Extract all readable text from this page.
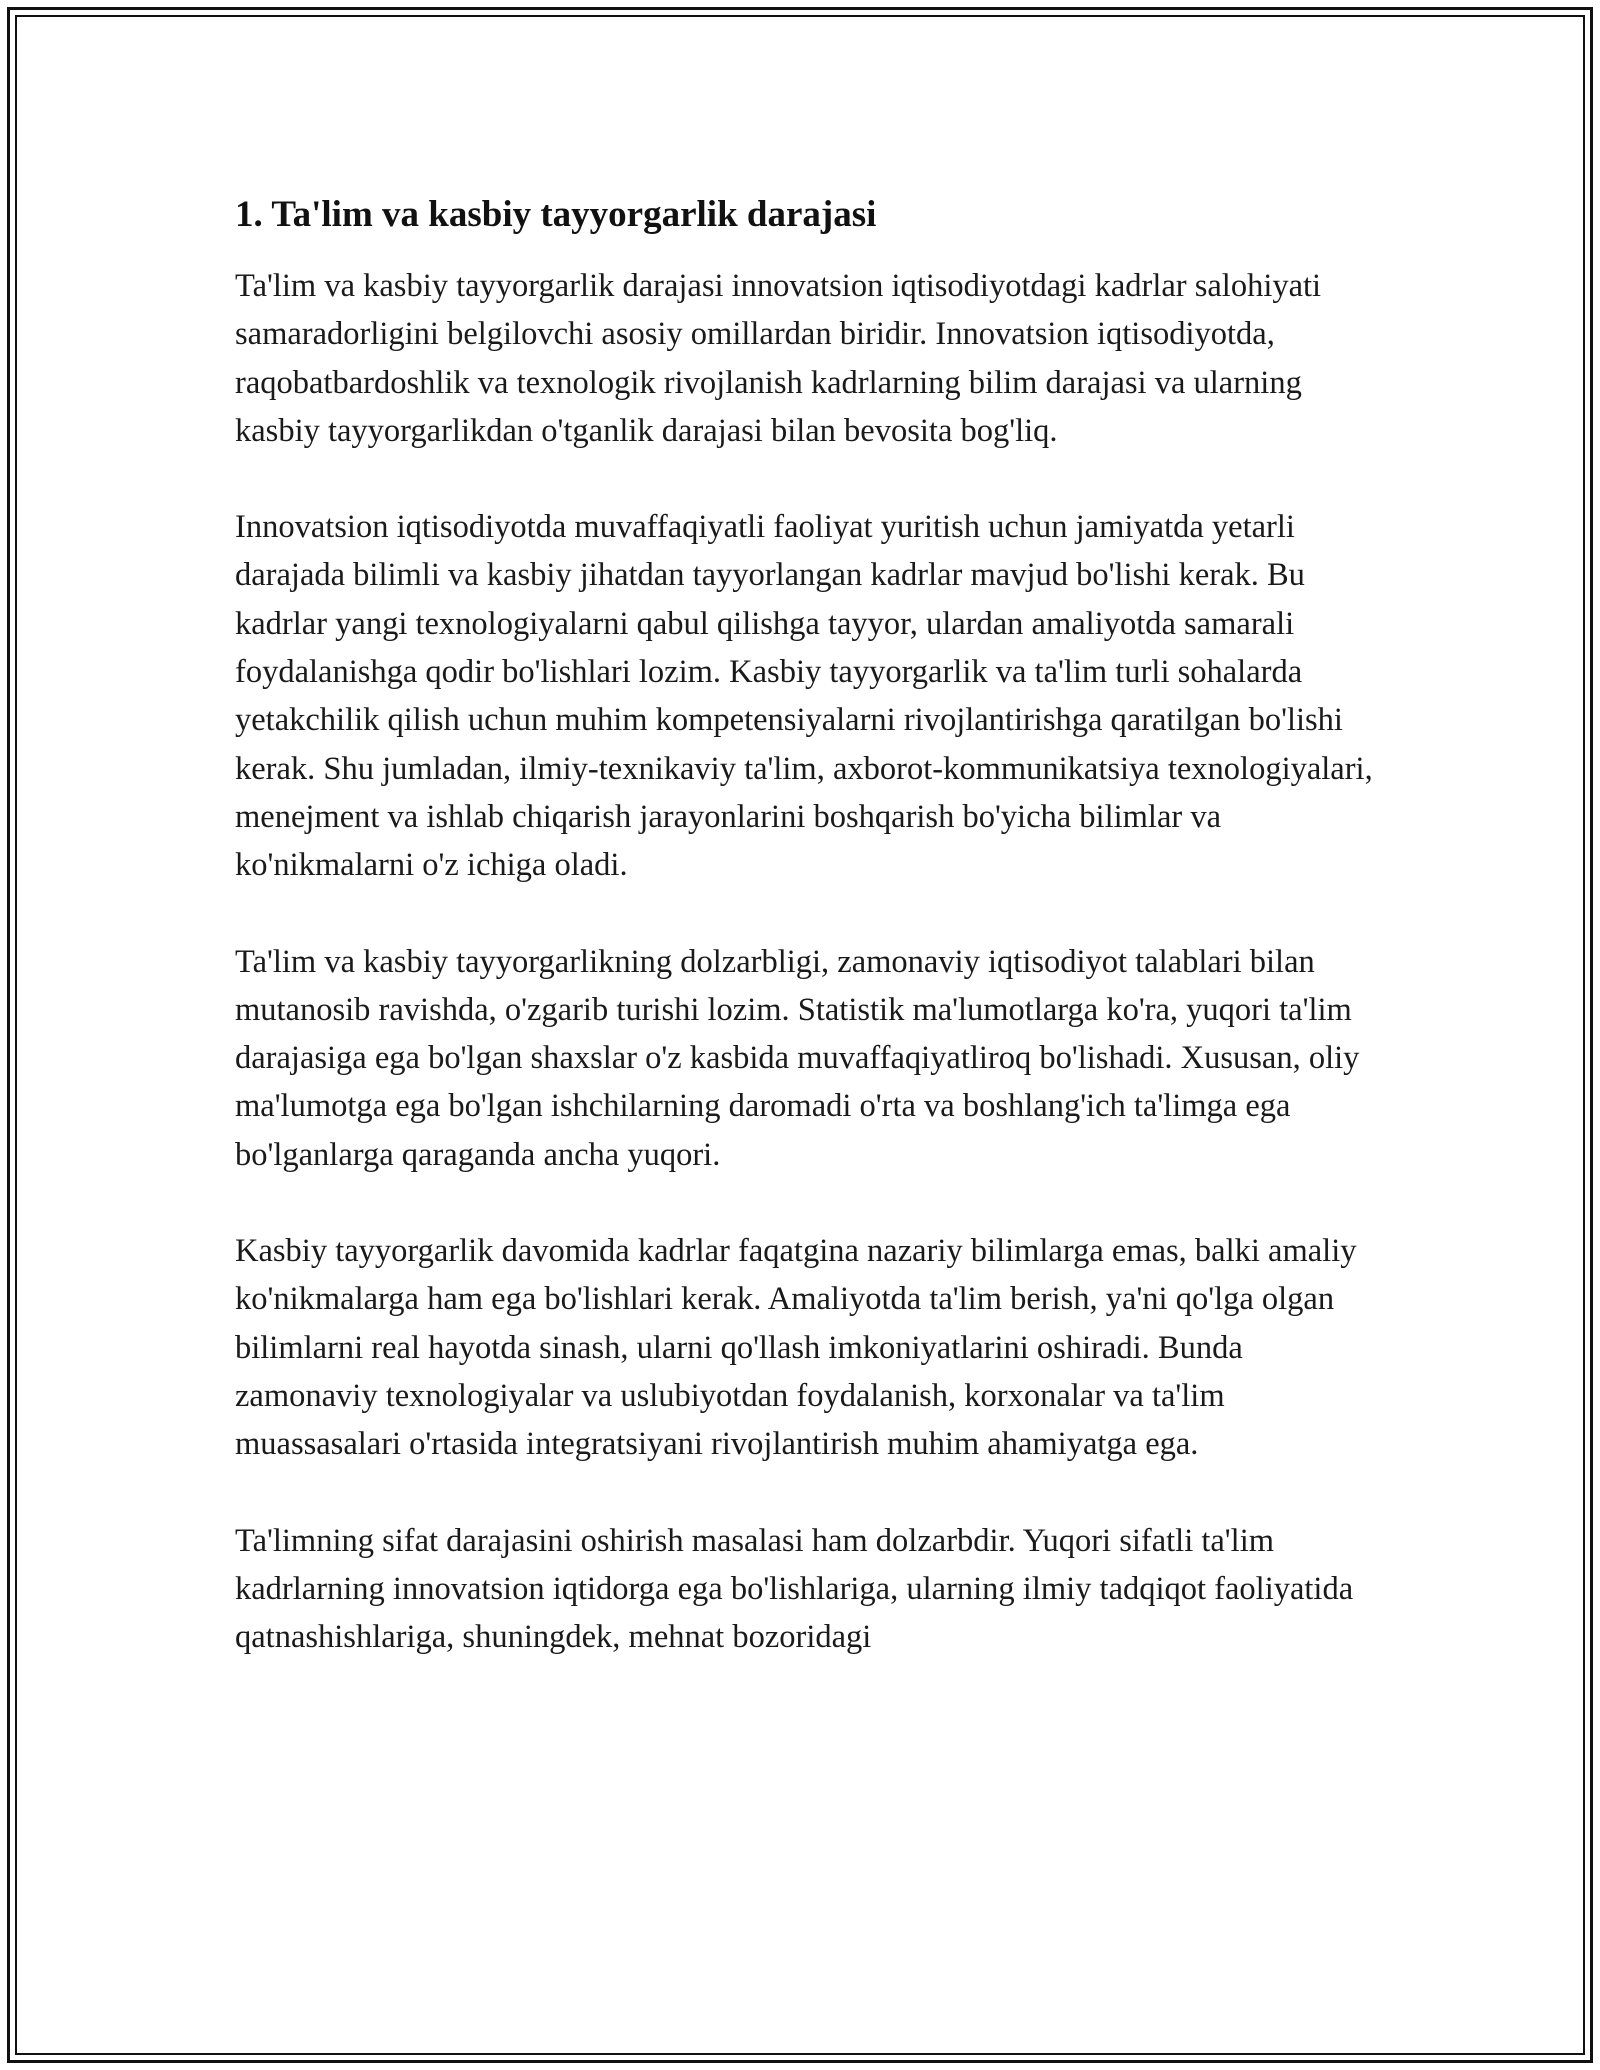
1. Ta'lim va kasbiy tayyorgarlik darajasi

Ta'lim va kasbiy tayyorgarlik darajasi innovatsion iqtisodiyotdagi kadrlar salohiyati samaradorligini belgilovchi asosiy omillardan biridir. Innovatsion iqtisodiyotda, raqobatbardoshlik va texnologik rivojlanish kadrlarning bilim darajasi va ularning kasbiy tayyorgarlikdan o'tganlik darajasi bilan bevosita bog'liq.

Innovatsion iqtisodiyotda muvaffaqiyatli faoliyat yuritish uchun jamiyatda yetarli darajada bilimli va kasbiy jihatdan tayyorlangan kadrlar mavjud bo'lishi kerak. Bu kadrlar yangi texnologiyalarni qabul qilishga tayyor, ulardan amaliyotda samarali foydalanishga qodir bo'lishlari lozim. Kasbiy tayyorgarlik va ta'lim turli sohalarda yetakchilik qilish uchun muhim kompetensiyalarni rivojlantirishga qaratilgan bo'lishi kerak. Shu jumladan, ilmiy-texnikaviy ta'lim, axborot-kommunikatsiya texnologiyalari, menejment va ishlab chiqarish jarayonlarini boshqarish bo'yicha bilimlar va ko'nikmalarni o'z ichiga oladi.

Ta'lim va kasbiy tayyorgarlikning dolzarbligi, zamonaviy iqtisodiyot talablari bilan mutanosib ravishda, o'zgarib turishi lozim. Statistik ma'lumotlarga ko'ra, yuqori ta'lim darajasiga ega bo'lgan shaxslar o'z kasbida muvaffaqiyatliroq bo'lishadi. Xususan, oliy ma'lumotga ega bo'lgan ishchilarning daromadi o'rta va boshlang'ich ta'limga ega bo'lganlarga qaraganda ancha yuqori.

Kasbiy tayyorgarlik davomida kadrlar faqatgina nazariy bilimlarga emas, balki amaliy ko'nikmalarga ham ega bo'lishlari kerak. Amaliyotda ta'lim berish, ya'ni qo'lga olgan bilimlarni real hayotda sinash, ularni qo'llash imkoniyatlarini oshiradi. Bunda zamonaviy texnologiyalar va uslubiyotdan foydalanish, korxonalar va ta'lim muassasalari o'rtasida integratsiyani rivojlantirish muhim ahamiyatga ega.

Ta'limning sifat darajasini oshirish masalasi ham dolzarbdir. Yuqori sifatli ta'lim kadrlarning innovatsion iqtidorga ega bo'lishlariga, ularning ilmiy tadqiqot faoliyatida qatnashishlariga, shuningdek, mehnat bozoridagi
